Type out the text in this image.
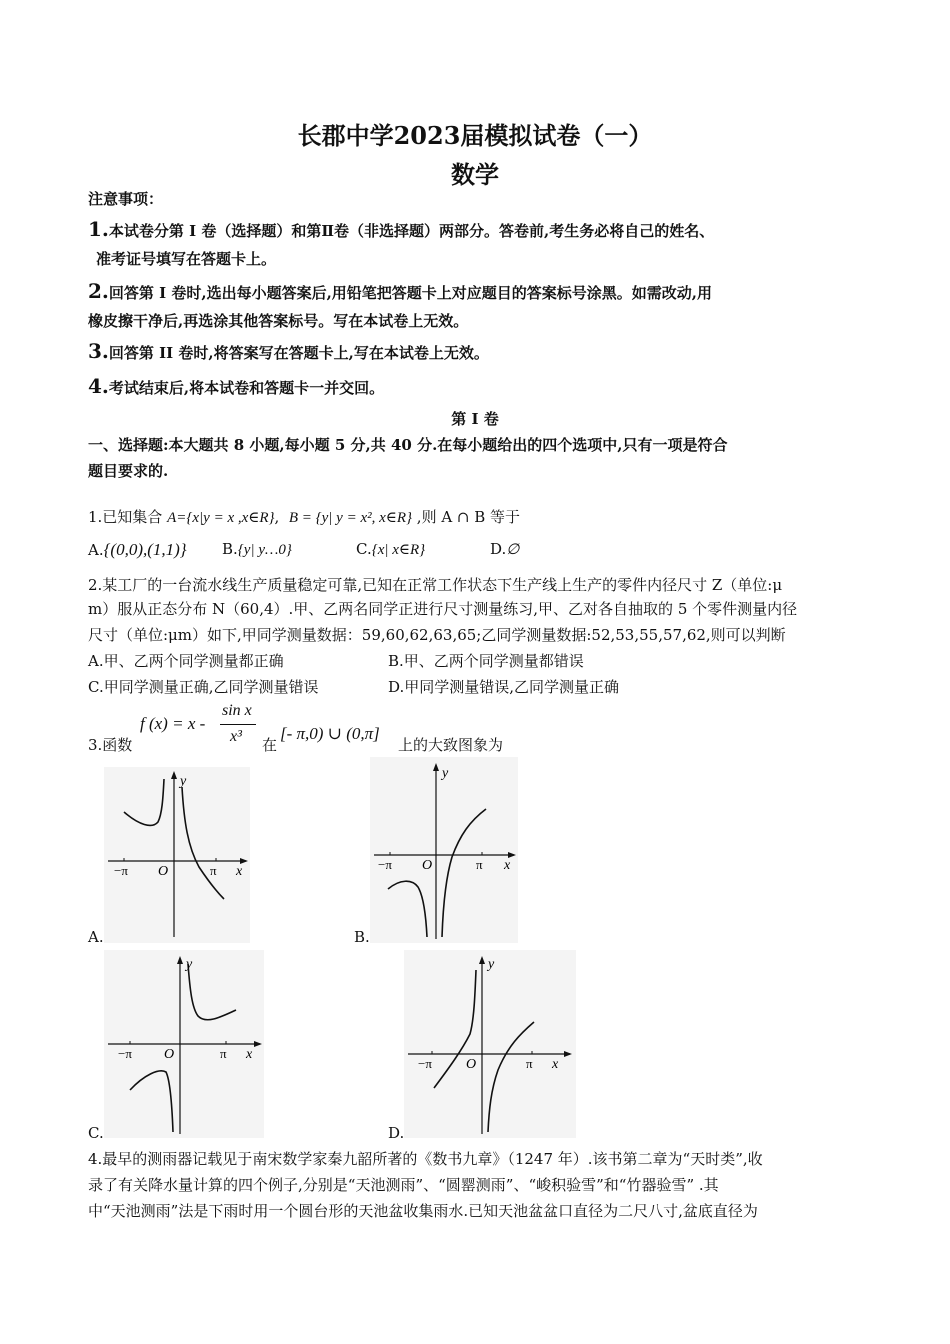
长郡中学2023届模拟试卷（一）
数学
注意事项：
1.本试卷分第 I 卷（选择题）和第Ⅱ卷（非选择题）两部分。答卷前,考生务必将自己的姓名、
准考证号填写在答题卡上。
2.回答第 I 卷时,选出每小题答案后,用铅笔把答题卡上对应题目的答案标号涂黑。如需改动,用
橡皮擦干净后,再选涂其他答案标号。写在本试卷上无效。
3.回答第 II 卷时,将答案写在答题卡上,写在本试卷上无效。
4.考试结束后,将本试卷和答题卡一并交回。
第 I 卷
一、选择题:本大题共 8 小题,每小题 5 分,共 40 分.在每小题给出的四个选项中,只有一项是符合
题目要求的.
1.已知集合 A={x|y = x ,x∈R},  B = {y| y = x², x∈R} ,则 A ∩ B 等于
A.{(0,0),(1,1)} B.{y| y…0}	C.{x| x∈R}	D.∅
2.某工厂的一台流水线生产质量稳定可靠,已知在正常工作状态下生产线上生产的零件内径尺寸 Z（单位:μ
m）服从正态分布 N（60,4）.甲、乙两名同学正进行尺寸测量练习,甲、乙对各自抽取的 5 个零件测量内径
尺寸（单位:μm）如下,甲同学测量数据：59,60,62,63,65;乙同学测量数据:52,53,55,57,62,则可以判断
A.甲、乙两个同学测量都正确	B.甲、乙两个同学测量都错误
C.甲同学测量正确,乙同学测量错误	D.甲同学测量错误,乙同学测量正确
3.函数
f (x) = x -
sin x
x³ 在
[- π,0) ∪ (0,π]
上的大致图象为
A.
y
x
O
−π	π
B.
y
x
O
−π	π
C.
y
x
O
−π	π
D.
y
x
O
−π	π
4.最早的测雨器记载见于南宋数学家秦九韶所著的《数书九章》（1247 年）.该书第二章为“天时类”,收
录了有关降水量计算的四个例子,分别是“天池测雨”、“圆罂测雨”、“峻积验雪”和“竹器验雪” .其
中“天池测雨”法是下雨时用一个圆台形的天池盆收集雨水.已知天池盆盆口直径为二尺八寸,盆底直径为
